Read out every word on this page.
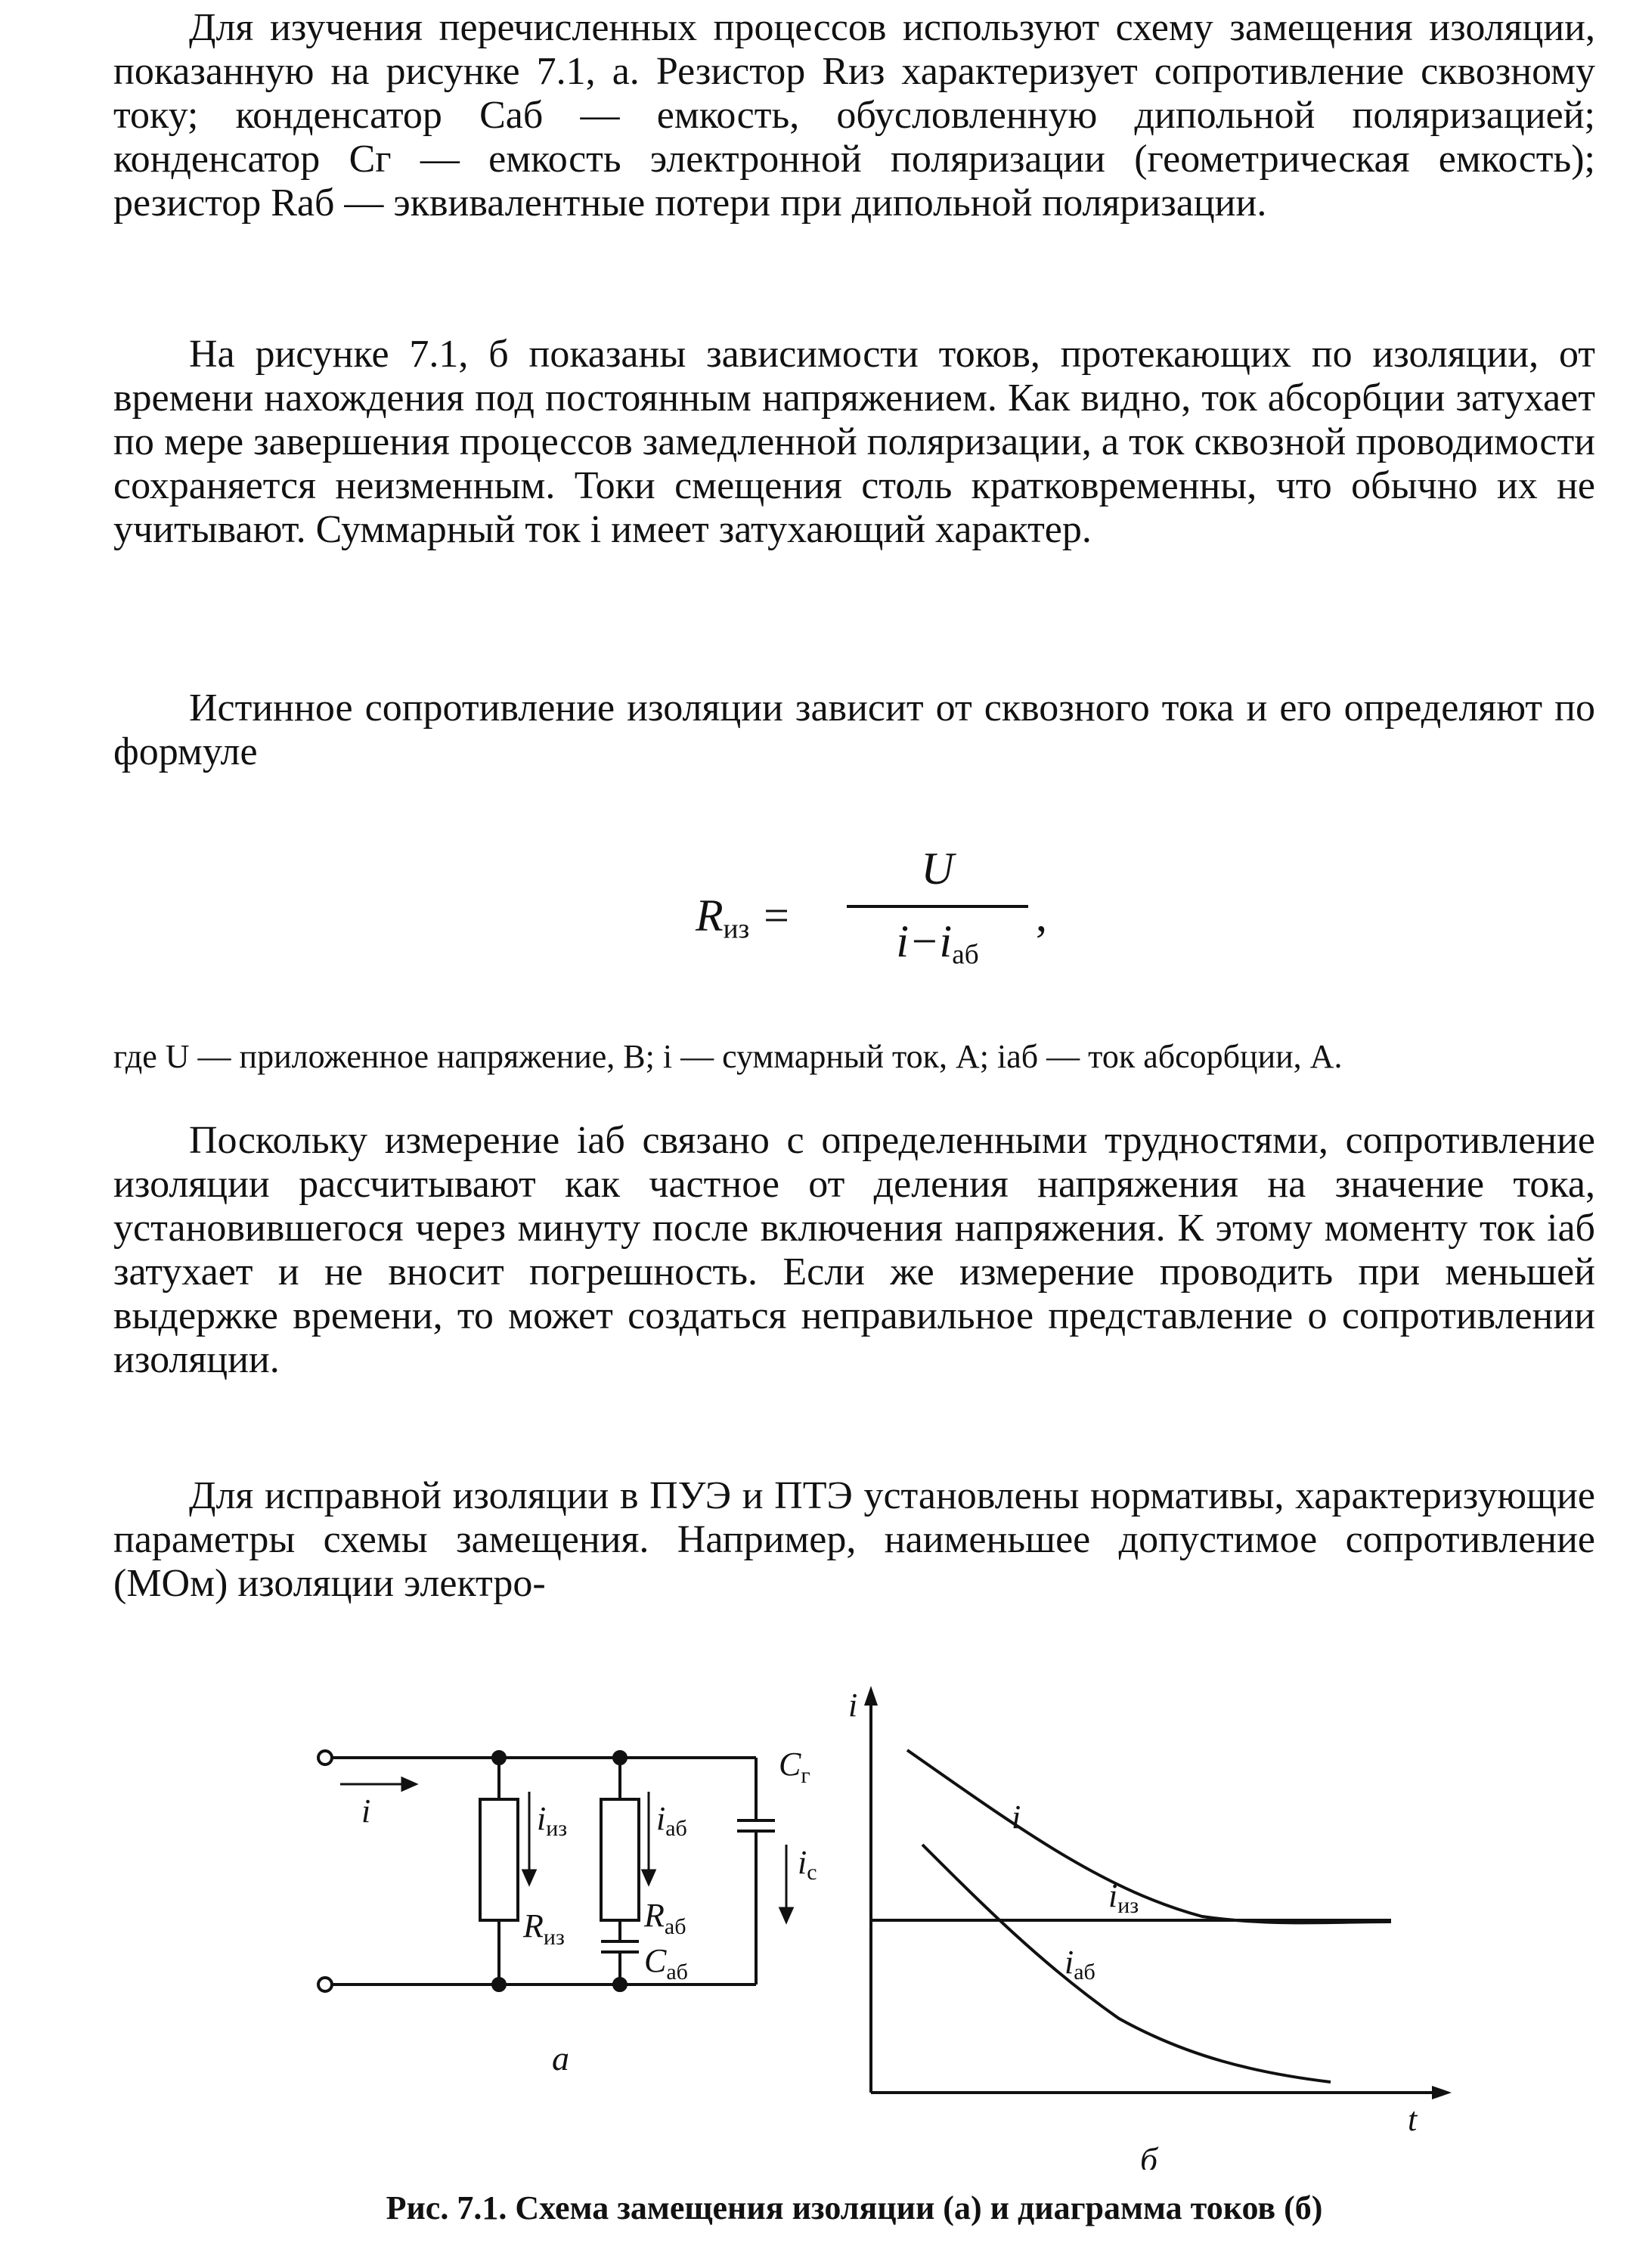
Для изучения перечисленных процессов используют схему замещения изоляции, показанную на рисунке 7.1, а. Резистор Rиз характеризует сопротивление сквозному току; конденсатор Cаб — емкость, обусловленную дипольной поляризацией; конденсатор Cг — емкость электронной поляризации (геометрическая емкость); резистор Rаб — эквивалентные потери при дипольной поляризации.

На рисунке 7.1, б показаны зависимости токов, протекающих по изоляции, от времени нахождения под постоянным напряжением. Как видно, ток абсорбции затухает по мере завершения процессов замедленной поляризации, а ток сквозной проводимости сохраняется неизменным. Токи смещения столь кратковременны, что обычно их не учитывают. Суммарный ток i имеет затухающий характер.

Истинное сопротивление изоляции зависит от сквозного тока и его определяют по формуле

$R_{из}$ =
U
$i-i_{аб}$
,
где U — приложенное напряжение, В; i — суммарный ток, А; iаб — ток абсорбции, А.

Поскольку измерение iаб связано с определенными трудностями, сопротивление изоляции рассчитывают как частное от деления напряжения на значение тока, установившегося через минуту после включения напряжения. К этому моменту ток iаб затухает и не вносит погрешность. Если же измерение проводить при меньшей выдержке времени, то может создаться неправильное представление о сопротивлении изоляции.

Для исправной изоляции в ПУЭ и ПТЭ установлены нормативы, характеризующие параметры схемы замещения. Например, наименьшее допустимое сопротивление (МОм) изоляции электро-

i	iиз
$R_{из}$
iаб
$R_{аб}$
$C_{аб}$
$C_г$
iс
а
i
t
i
iиз
iаб
б
Рис. 7.1. Схема замещения изоляции (а) и диаграмма токов (б)
